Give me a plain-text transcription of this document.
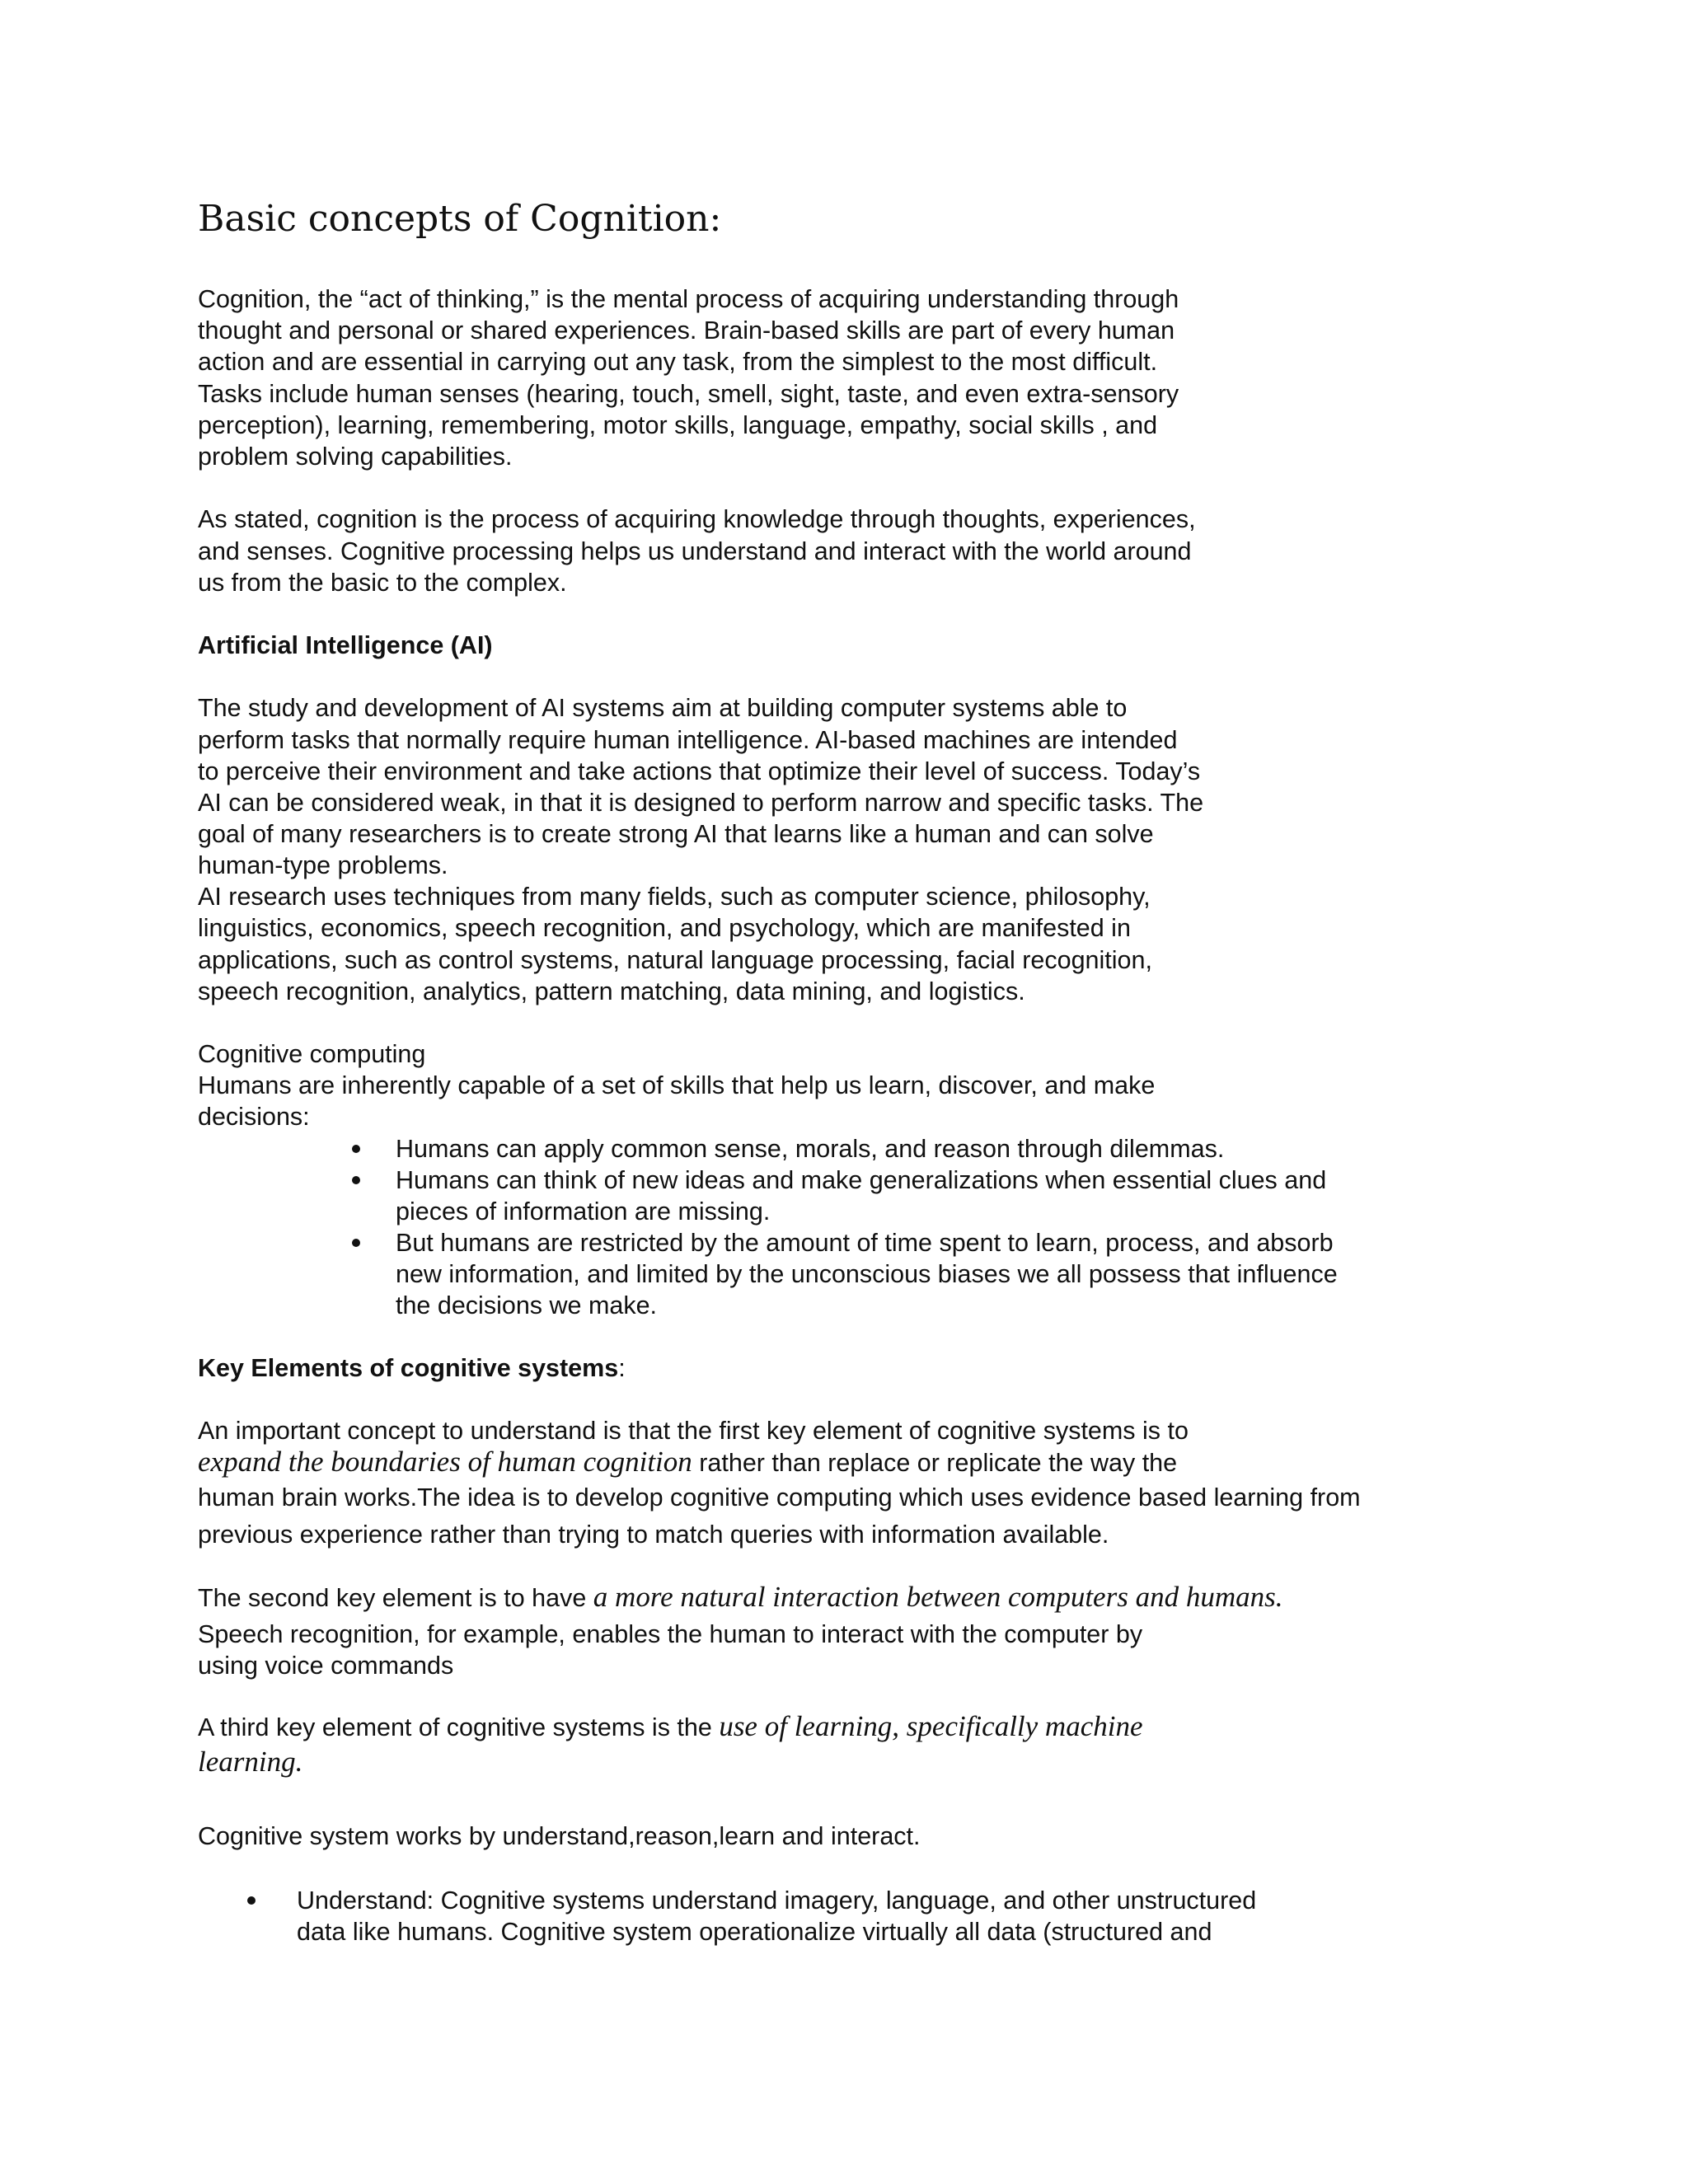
Basic concepts of Cognition:

Cognition, the “act of thinking,” is the mental process of acquiring understanding through

thought and personal or shared experiences. Brain-based skills are part of every human

action and are essential in carrying out any task, from the simplest to the most difficult.

Tasks include human senses (hearing, touch, smell, sight, taste, and even extra-sensory

perception), learning, remembering, motor skills, language, empathy, social skills , and

problem solving capabilities.

As stated, cognition is the process of acquiring knowledge through thoughts, experiences,

and senses. Cognitive processing helps us understand and interact with the world around

us from the basic to the complex.

Artificial Intelligence (AI)

The study and development of AI systems aim at building computer systems able to

perform tasks that normally require human intelligence. AI-based machines are intended

to perceive their environment and take actions that optimize their level of success. Today’s

AI can be considered weak, in that it is designed to perform narrow and specific tasks. The

goal of many researchers is to create strong AI that learns like a human and can solve

human-type problems.

AI research uses techniques from many fields, such as computer science, philosophy,

linguistics, economics, speech recognition, and psychology, which are manifested in

applications, such as control systems, natural language processing, facial recognition,

speech recognition, analytics, pattern matching, data mining, and logistics.

Cognitive computing

Humans are inherently capable of a set of skills that help us learn, discover, and make

decisions:

Humans can apply common sense, morals, and reason through dilemmas.

Humans can think of new ideas and make generalizations when essential clues and

pieces of information are missing.

But humans are restricted by the amount of time spent to learn, process, and absorb

new information, and limited by the unconscious biases we all possess that influence

the decisions we make.

Key Elements of cognitive systems:

An important concept to understand is that the first key element of cognitive systems is to

expand the boundaries of human cognition rather than replace or replicate the way the

human brain works.The idea is to develop cognitive computing which uses evidence based learning from

previous experience rather than trying to match queries with information available.

The second key element is to have a more natural interaction between computers and humans.

Speech recognition, for example, enables the human to interact with the computer by

using voice commands

A third key element of cognitive systems is the use of learning, specifically machine

learning.

Cognitive system works by understand,reason,learn and interact.

Understand: Cognitive systems understand imagery, language, and other unstructured

data like humans. Cognitive system operationalize virtually all data (structured and
